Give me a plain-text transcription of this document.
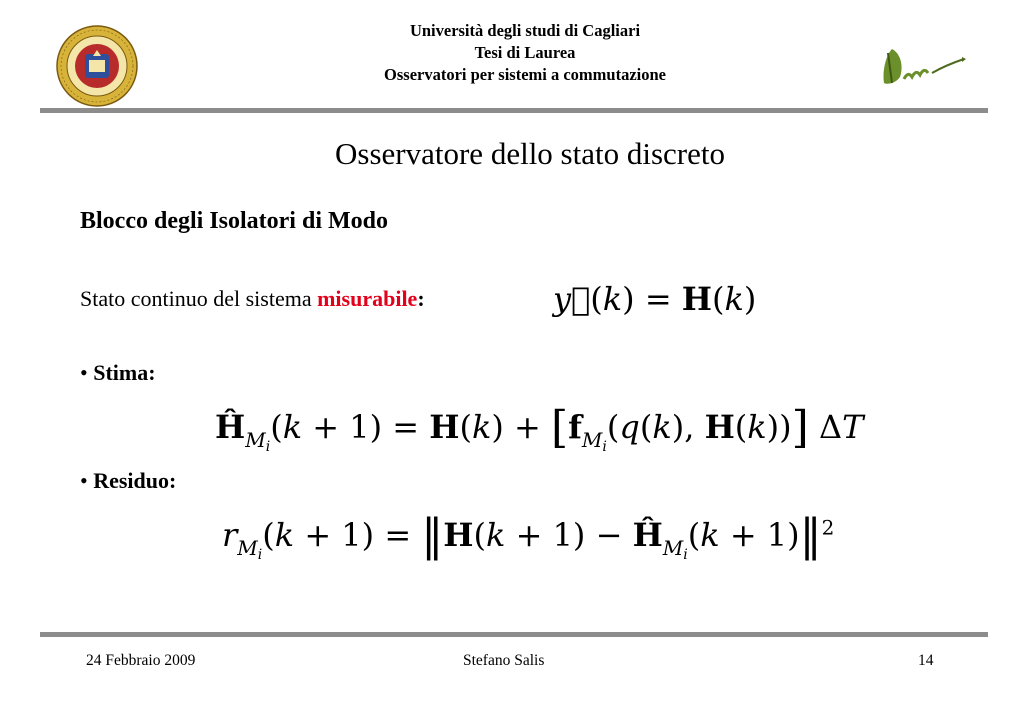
Università degli studi di Cagliari
Tesi di Laurea
Osservatori per sistemi a commutazione
Osservatore dello stato discreto
Blocco degli Isolatori di Modo
Stato continuo del sistema misurabile:	y⃗(k) = H(k)
• Stima:
$Ĥ_{M_i}(k + 1) = H(k) + [f_{M_i}(q(k)$, H(k))] ΔT
• Residuo:
$r_{M_i}(k + 1)$ = ‖H(k + $1) - Ĥ_{M_i}(k$ + 1)‖$^2$
24 Febbraio 2009	Stefano Salis	14
